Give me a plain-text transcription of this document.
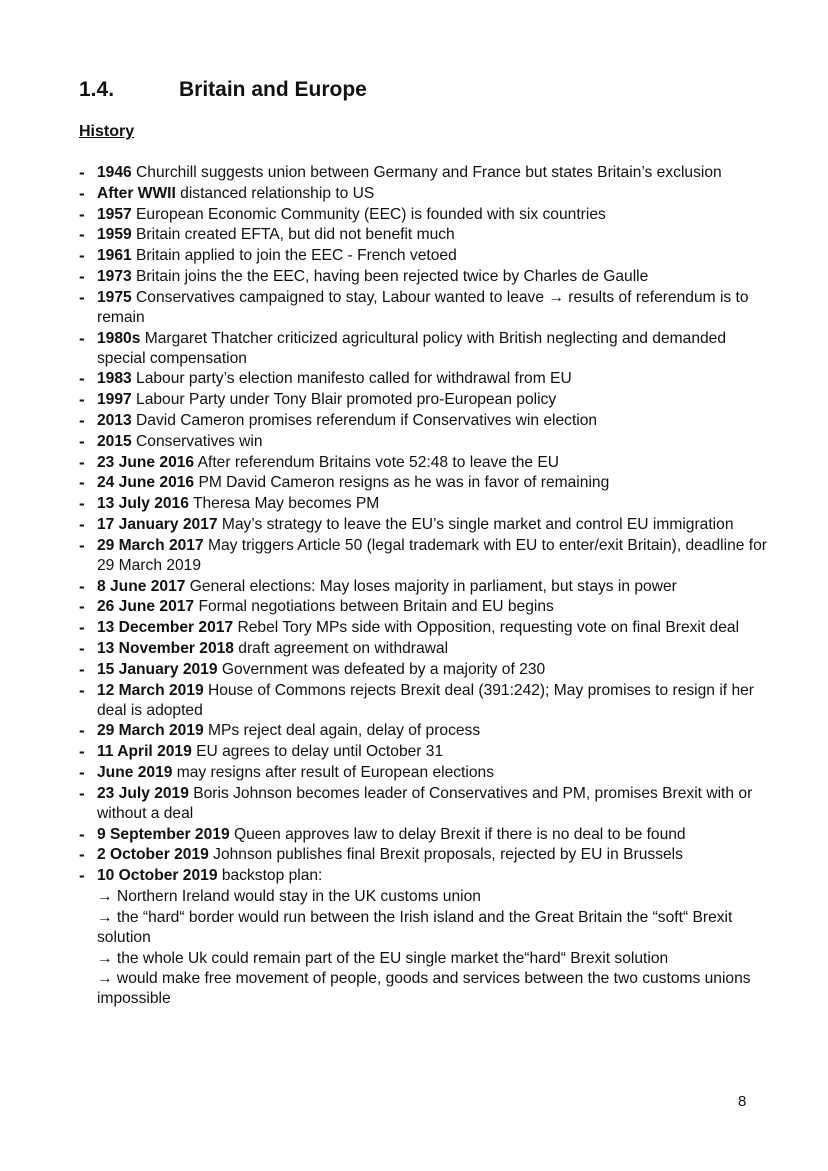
1.4.	Britain and Europe
History
- 1946 Churchill suggests union between Germany and France but states Britain’s exclusion
- After WWII distanced relationship to US
- 1957 European Economic Community (EEC) is founded with six countries
- 1959 Britain created EFTA, but did not benefit much
- 1961 Britain applied to join the EEC - French vetoed
- 1973 Britain joins the the EEC, having been rejected twice by Charles de Gaulle
- 1975 Conservatives campaigned to stay, Labour wanted to leave → results of referendum is to remain
- 1980s Margaret Thatcher criticized agricultural policy with British neglecting and demanded special compensation
- 1983 Labour party’s election manifesto called for withdrawal from EU
- 1997 Labour Party under Tony Blair promoted pro-European policy
- 2013 David Cameron promises referendum if Conservatives win election
- 2015 Conservatives win
- 23 June 2016 After referendum Britains vote 52:48 to leave the EU
- 24 June 2016 PM David Cameron resigns as he was in favor of remaining
- 13 July 2016 Theresa May becomes PM
- 17 January 2017 May’s strategy to leave the EU’s single market and control EU immigration
- 29 March 2017 May triggers Article 50 (legal trademark with EU to enter/exit Britain), deadline for 29 March 2019
- 8 June 2017 General elections: May loses majority in parliament, but stays in power
- 26 June 2017 Formal negotiations between Britain and EU begins
- 13 December 2017 Rebel Tory MPs side with Opposition, requesting vote on final Brexit deal
- 13 November 2018 draft agreement on withdrawal
- 15 January 2019 Government was defeated by a majority of 230
- 12 March 2019 House of Commons rejects Brexit deal (391:242); May promises to resign if her deal is adopted
- 29 March 2019 MPs reject deal again, delay of process
- 11 April 2019 EU agrees to delay until October 31
- June 2019 may resigns after result of European elections
- 23 July 2019 Boris Johnson becomes leader of Conservatives and PM, promises Brexit with or without a deal
- 9 September 2019 Queen approves law to delay Brexit if there is no deal to be found
- 2 October 2019 Johnson publishes final Brexit proposals, rejected by EU in Brussels
- 10 October 2019 backstop plan:
→ Northern Ireland would stay in the UK customs union
→ the “hard“ border would run between the Irish island and the Great Britain the “soft“ Brexit solution
→ the whole Uk could remain part of the EU single market the“hard“ Brexit solution
→ would make free movement of people, goods and services between the two customs unions impossible
8
